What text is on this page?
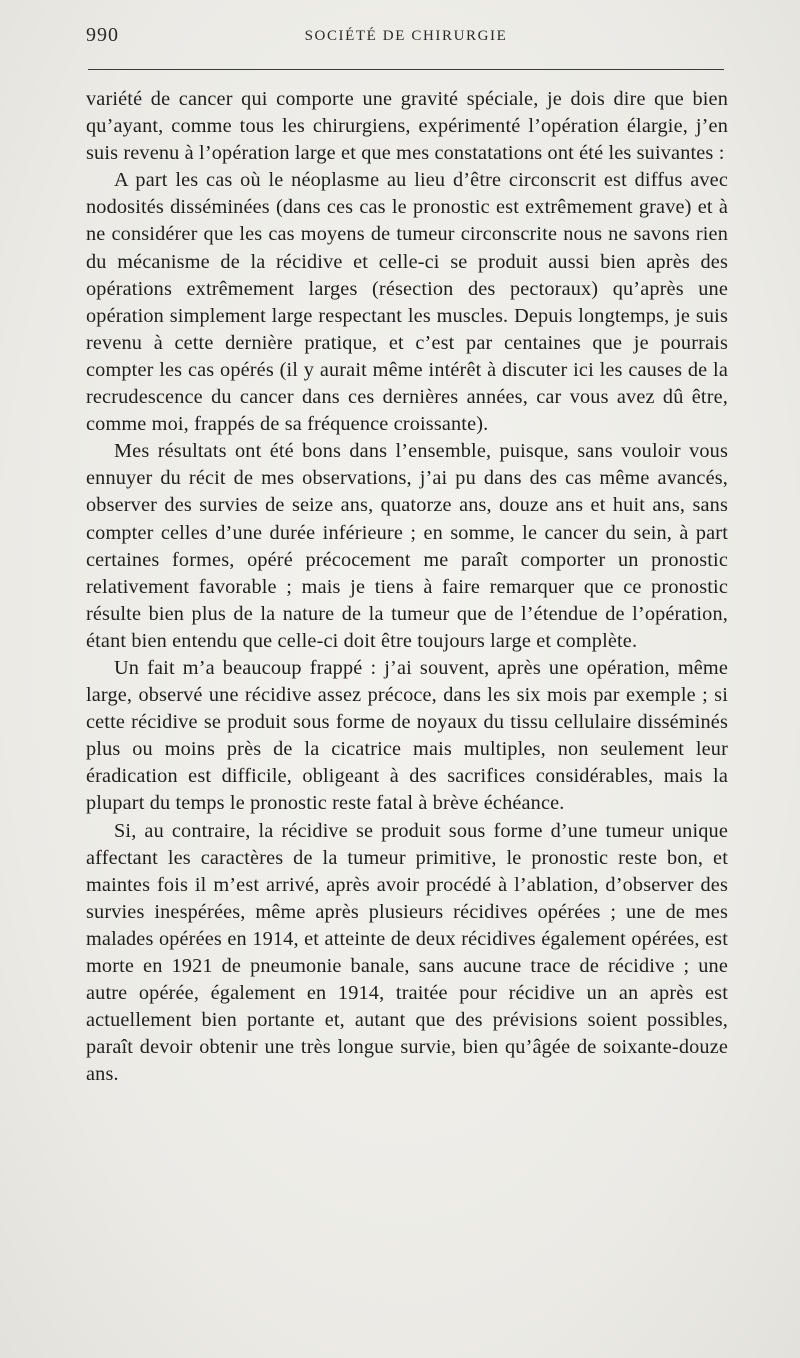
990	SOCIÉTÉ DE CHIRURGIE

variété de cancer qui comporte une gravité spéciale, je dois dire que bien qu’ayant, comme tous les chirurgiens, expérimenté l’opération élargie, j’en suis revenu à l’opération large et que mes constatations ont été les suivantes :

A part les cas où le néoplasme au lieu d’être circonscrit est diffus avec nodosités disséminées (dans ces cas le pronostic est extrêmement grave) et à ne considérer que les cas moyens de tumeur circonscrite nous ne savons rien du mécanisme de la récidive et celle-ci se produit aussi bien après des opérations extrêmement larges (résection des pectoraux) qu’après une opération simplement large respectant les muscles. Depuis longtemps, je suis revenu à cette dernière pratique, et c’est par centaines que je pourrais compter les cas opérés (il y aurait même intérêt à discuter ici les causes de la recrudescence du cancer dans ces dernières années, car vous avez dû être, comme moi, frappés de sa fréquence croissante).

Mes résultats ont été bons dans l’ensemble, puisque, sans vouloir vous ennuyer du récit de mes observations, j’ai pu dans des cas même avancés, observer des survies de seize ans, quatorze ans, douze ans et huit ans, sans compter celles d’une durée inférieure ; en somme, le cancer du sein, à part certaines formes, opéré précocement me paraît comporter un pronostic relativement favorable ; mais je tiens à faire remarquer que ce pronostic résulte bien plus de la nature de la tumeur que de l’étendue de l’opération, étant bien entendu que celle-ci doit être toujours large et complète.

Un fait m’a beaucoup frappé : j’ai souvent, après une opération, même large, observé une récidive assez précoce, dans les six mois par exemple ; si cette récidive se produit sous forme de noyaux du tissu cellulaire disséminés plus ou moins près de la cicatrice mais multiples, non seulement leur éradication est difficile, obligeant à des sacrifices considérables, mais la plupart du temps le pronostic reste fatal à brève échéance.

Si, au contraire, la récidive se produit sous forme d’une tumeur unique affectant les caractères de la tumeur primitive, le pronostic reste bon, et maintes fois il m’est arrivé, après avoir procédé à l’ablation, d’observer des survies inespérées, même après plusieurs récidives opérées ; une de mes malades opérées en 1914, et atteinte de deux récidives également opérées, est morte en 1921 de pneumonie banale, sans aucune trace de récidive ; une autre opérée, également en 1914, traitée pour récidive un an après est actuellement bien portante et, autant que des prévisions soient possibles, paraît devoir obtenir une très longue survie, bien qu’âgée de soixante-douze ans.
